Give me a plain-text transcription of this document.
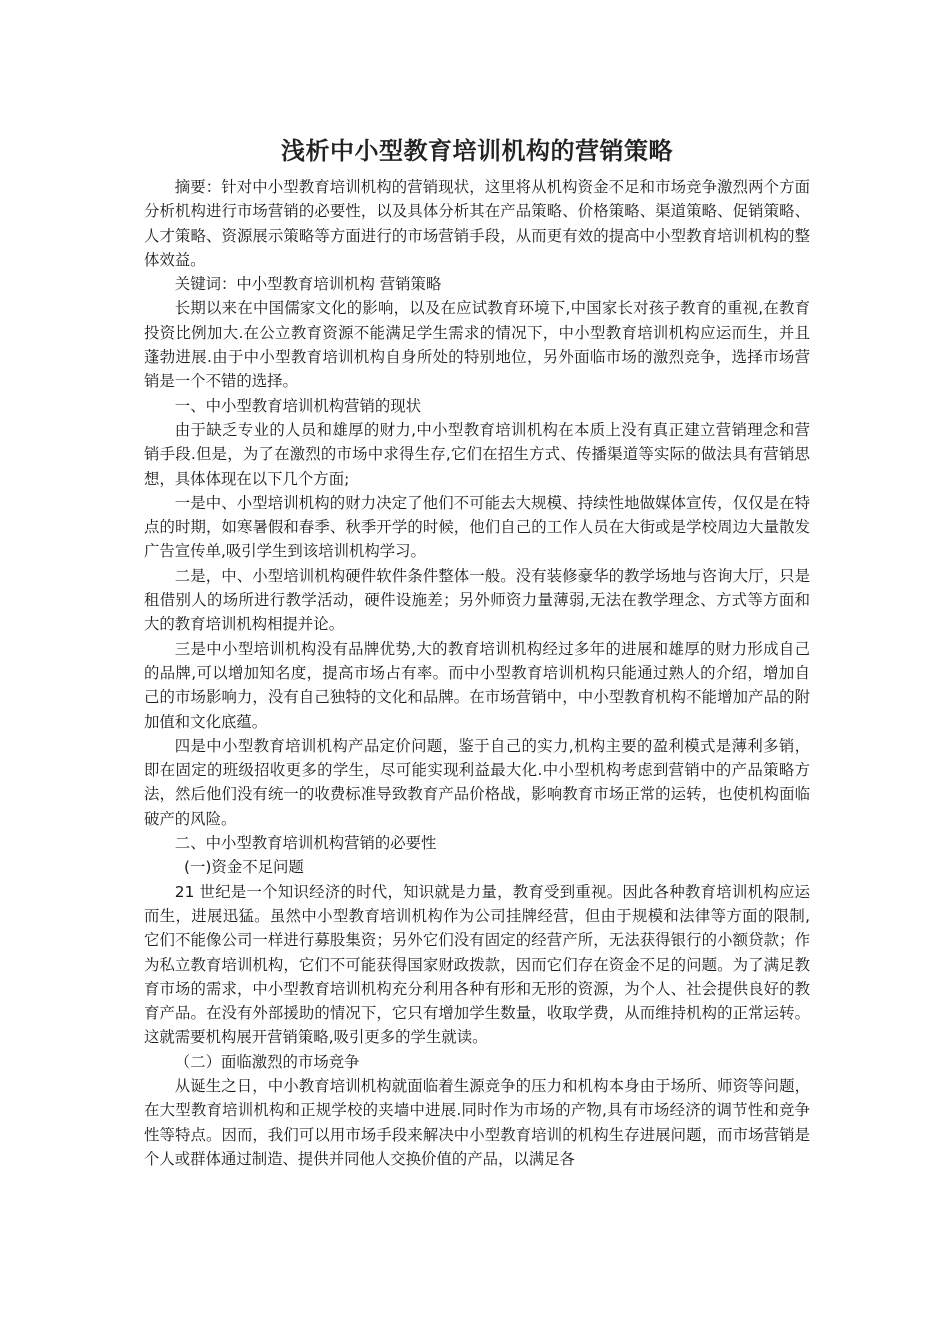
浅析中小型教育培训机构的营销策略

摘要：针对中小型教育培训机构的营销现状，这里将从机构资金不足和市场竞争激烈两个方面分析机构进行市场营销的必要性，以及具体分析其在产品策略、价格策略、渠道策略、促销策略、人才策略、资源展示策略等方面进行的市场营销手段，从而更有效的提高中小型教育培训机构的整体效益。

关键词：中小型教育培训机构 营销策略

长期以来在中国儒家文化的影响，以及在应试教育环境下,中国家长对孩子教育的重视,在教育投资比例加大.在公立教育资源不能满足学生需求的情况下，中小型教育培训机构应运而生，并且蓬勃进展.由于中小型教育培训机构自身所处的特别地位，另外面临市场的激烈竞争，选择市场营销是一个不错的选择。

一、中小型教育培训机构营销的现状

由于缺乏专业的人员和雄厚的财力,中小型教育培训机构在本质上没有真正建立营销理念和营销手段.但是，为了在激烈的市场中求得生存,它们在招生方式、传播渠道等实际的做法具有营销思想，具体体现在以下几个方面;

一是中、小型培训机构的财力决定了他们不可能去大规模、持续性地做媒体宣传，仅仅是在特点的时期，如寒暑假和春季、秋季开学的时候，他们自己的工作人员在大街或是学校周边大量散发广告宣传单,吸引学生到该培训机构学习。

二是，中、小型培训机构硬件软件条件整体一般。没有装修豪华的教学场地与咨询大厅，只是租借别人的场所进行教学活动，硬件设施差；另外师资力量薄弱,无法在教学理念、方式等方面和大的教育培训机构相提并论。

三是中小型培训机构没有品牌优势,大的教育培训机构经过多年的进展和雄厚的财力形成自己的品牌,可以增加知名度，提高市场占有率。而中小型教育培训机构只能通过熟人的介绍，增加自己的市场影响力，没有自己独特的文化和品牌。在市场营销中，中小型教育机构不能增加产品的附加值和文化底蕴。

四是中小型教育培训机构产品定价问题，鉴于自己的实力,机构主要的盈利模式是薄利多销，即在固定的班级招收更多的学生，尽可能实现利益最大化.中小型机构考虑到营销中的产品策略方法，然后他们没有统一的收费标准导致教育产品价格战，影响教育市场正常的运转，也使机构面临破产的风险。

二、中小型教育培训机构营销的必要性

(一)资金不足问题

21 世纪是一个知识经济的时代，知识就是力量，教育受到重视。因此各种教育培训机构应运而生，进展迅猛。虽然中小型教育培训机构作为公司挂牌经营，但由于规模和法律等方面的限制,它们不能像公司一样进行募股集资；另外它们没有固定的经营产所，无法获得银行的小额贷款；作为私立教育培训机构，它们不可能获得国家财政拨款，因而它们存在资金不足的问题。为了满足教育市场的需求，中小型教育培训机构充分利用各种有形和无形的资源，为个人、社会提供良好的教育产品。在没有外部援助的情况下，它只有增加学生数量，收取学费，从而维持机构的正常运转。这就需要机构展开营销策略,吸引更多的学生就读。

（二）面临激烈的市场竞争

从诞生之日，中小教育培训机构就面临着生源竞争的压力和机构本身由于场所、师资等问题，在大型教育培训机构和正规学校的夹墙中进展.同时作为市场的产物,具有市场经济的调节性和竞争性等特点。因而，我们可以用市场手段来解决中小型教育培训的机构生存进展问题，而市场营销是个人或群体通过制造、提供并同他人交换价值的产品，以满足各
